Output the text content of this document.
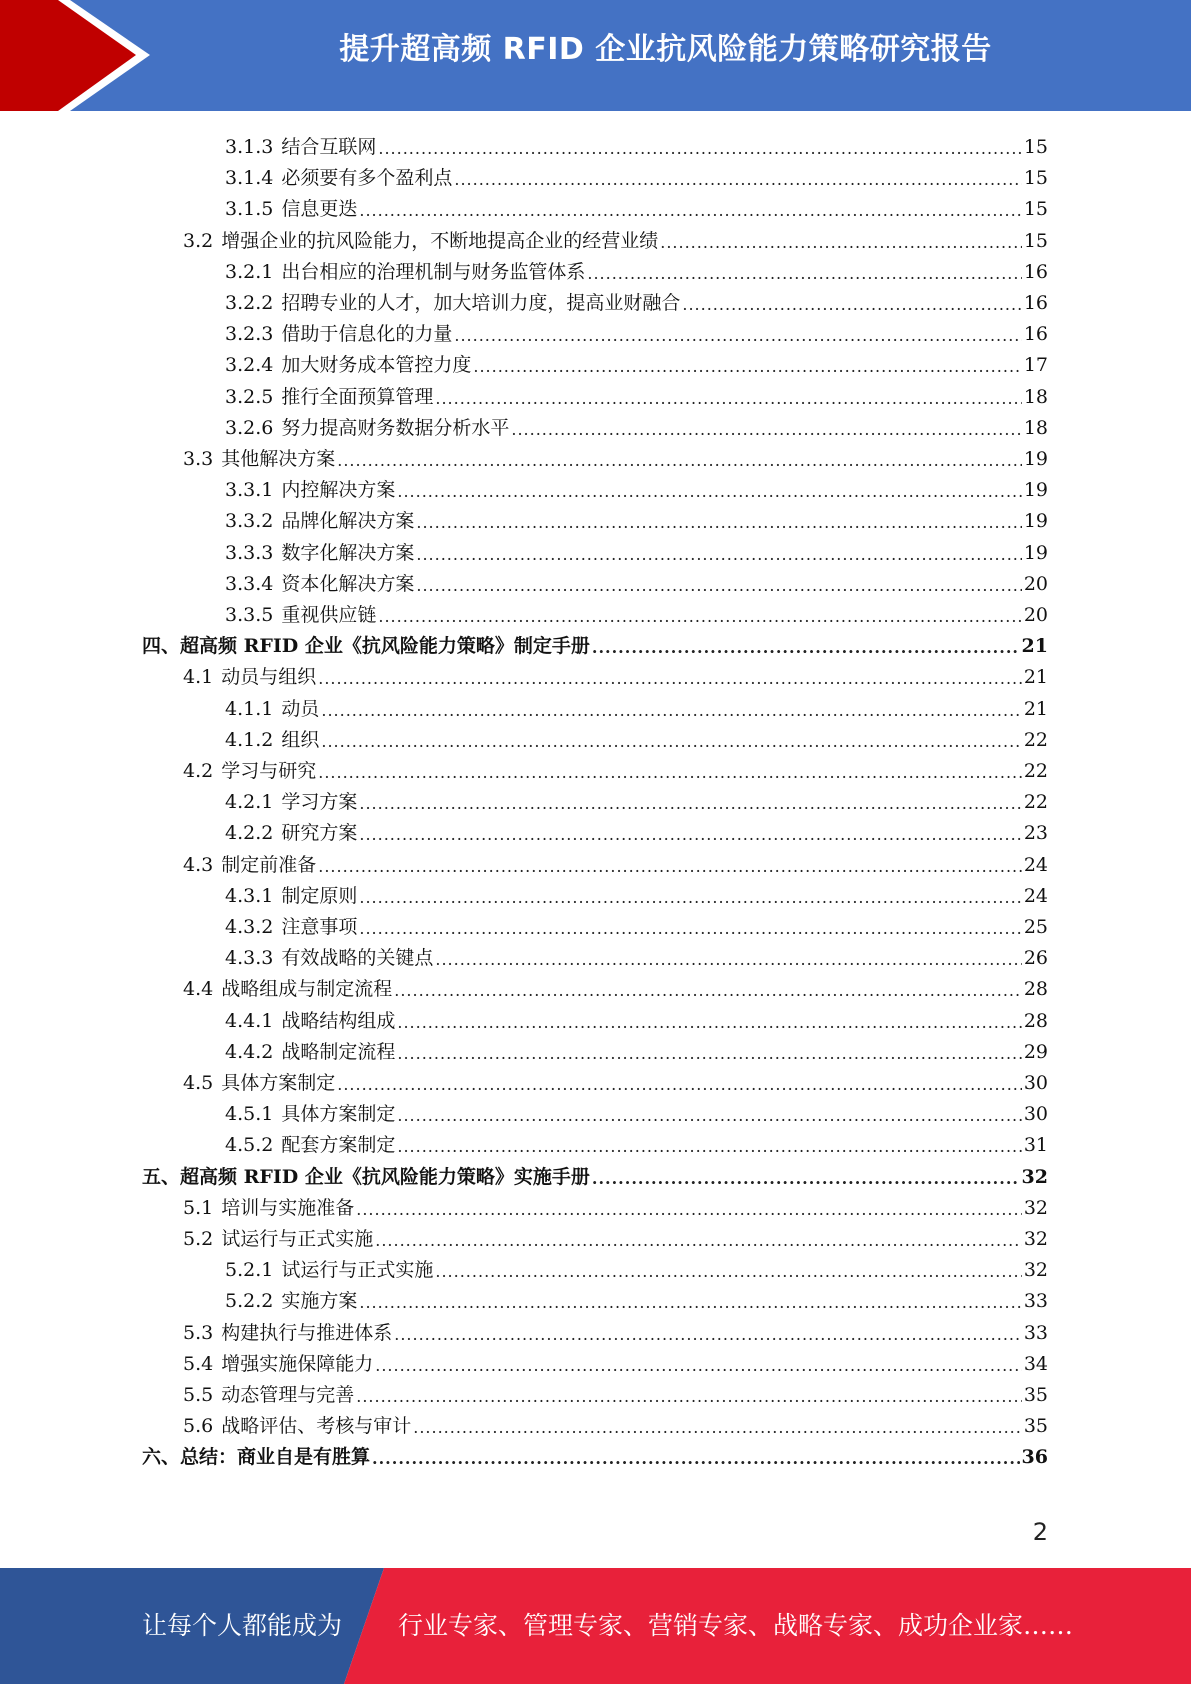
提升超高频 RFID 企业抗风险能力策略研究报告
3.1.3 结合互联网 .....	15
3.1.4 必须要有多个盈利点 .....	15
3.1.5 信息更迭 .....	15
3.2 增强企业的抗风险能力，不断地提高企业的经营业绩 .....	15
3.2.1 出台相应的治理机制与财务监管体系 .....	16
3.2.2 招聘专业的人才，加大培训力度，提高业财融合 .....	16
3.2.3 借助于信息化的力量 .....	16
3.2.4 加大财务成本管控力度 .....	17
3.2.5 推行全面预算管理 .....	18
3.2.6 努力提高财务数据分析水平 .....	18
3.3 其他解决方案 .....	19
3.3.1 内控解决方案 .....	19
3.3.2 品牌化解决方案 .....	19
3.3.3 数字化解决方案 .....	19
3.3.4 资本化解决方案 .....	20
3.3.5 重视供应链 .....	20
四、 超高频 RFID 企业《抗风险能力策略》制定手册 .....	21
4.1 动员与组织 .....	21
4.1.1 动员 .....	21
4.1.2 组织 .....	22
4.2 学习与研究 .....	22
4.2.1 学习方案 .....	22
4.2.2 研究方案 .....	23
4.3 制定前准备 .....	24
4.3.1 制定原则 .....	24
4.3.2 注意事项 .....	25
4.3.3 有效战略的关键点 .....	26
4.4 战略组成与制定流程 .....	28
4.4.1 战略结构组成 .....	28
4.4.2 战略制定流程 .....	29
4.5 具体方案制定 .....	30
4.5.1 具体方案制定 .....	30
4.5.2 配套方案制定 .....	31
五、 超高频 RFID 企业《抗风险能力策略》实施手册 .....	32
5.1 培训与实施准备 .....	32
5.2 试运行与正式实施 .....	32
5.2.1 试运行与正式实施 .....	32
5.2.2 实施方案 .....	33
5.3 构建执行与推进体系 .....	33
5.4 增强实施保障能力 .....	34
5.5 动态管理与完善 .....	35
5.6 战略评估、考核与审计 .....	35
六、 总结：商业自是有胜算 .....	36
2
让每个人都能成为 行业专家、管理专家、营销专家、战略专家、成功企业家……
